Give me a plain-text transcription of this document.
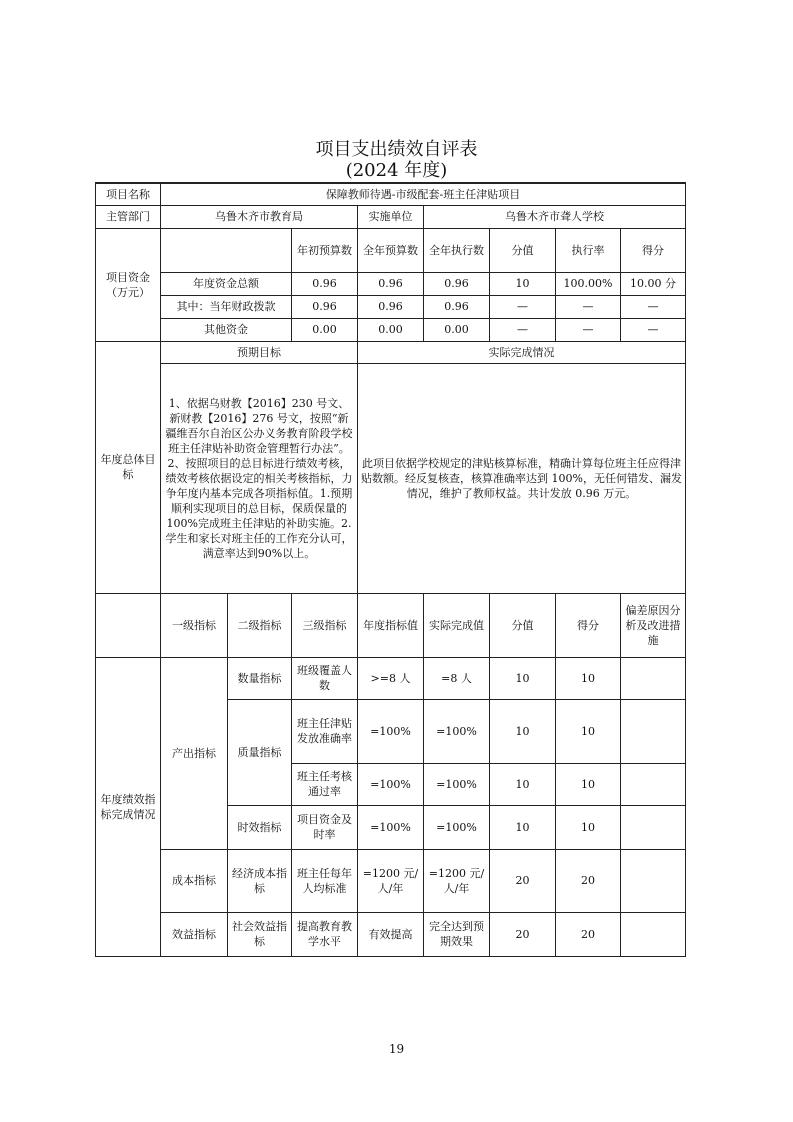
项目支出绩效自评表
(2024 年度)
项目名称	保障教师待遇-市级配套-班主任津贴项目							
主管部门	乌鲁木齐市教育局			实施单位	乌鲁木齐市聋人学校			
项目资金（万元）			年初预算数	全年预算数	全年执行数	分值	执行率	得分
	年度资金总额		0.96	0.96	0.96	10	100.00%	10.00 分
	其中：当年财政拨款		0.96	0.96	0.96	—	—	—
	其他资金		0.00	0.00	0.00	—	—	—
年度总体目标	预期目标			实际完成情况				
	1、依据乌财教【2016】230 号文、新财教【2016】276 号文，按照“新疆维吾尔自治区公办义务教育阶段学校班主任津贴补助资金管理暂行办法”。2、按照项目的总目标进行绩效考核，绩效考核依据设定的相关考核指标，力争年度内基本完成各项指标值。1.预期顺利实现项目的总目标，保质保量的100%完成班主任津贴的补助实施。2.学生和家长对班主任的工作充分认可，满意率达到90%以上。			此项目依据学校规定的津贴核算标准，精确计算每位班主任应得津贴数额。经反复核查，核算准确率达到 100%，无任何错发、漏发情况，维护了教师权益。共计发放 0.96 万元。				
	一级指标	二级指标	三级指标	年度指标值	实际完成值	分值	得分	偏差原因分析及改进措施
年度绩效指标完成情况	产出指标	数量指标	班级覆盖人数	>=8 人	=8 人	10	10	
		质量指标	班主任津贴发放准确率	=100%	=100%	10	10	
			班主任考核通过率	=100%	=100%	10	10	
		时效指标	项目资金及时率	=100%	=100%	10	10	
	成本指标	经济成本指标	班主任每年人均标准	=1200 元/人/年	=1200 元/人/年	20	20	
	效益指标	社会效益指标	提高教育教学水平	有效提高	完全达到预期效果	20	20	
19
